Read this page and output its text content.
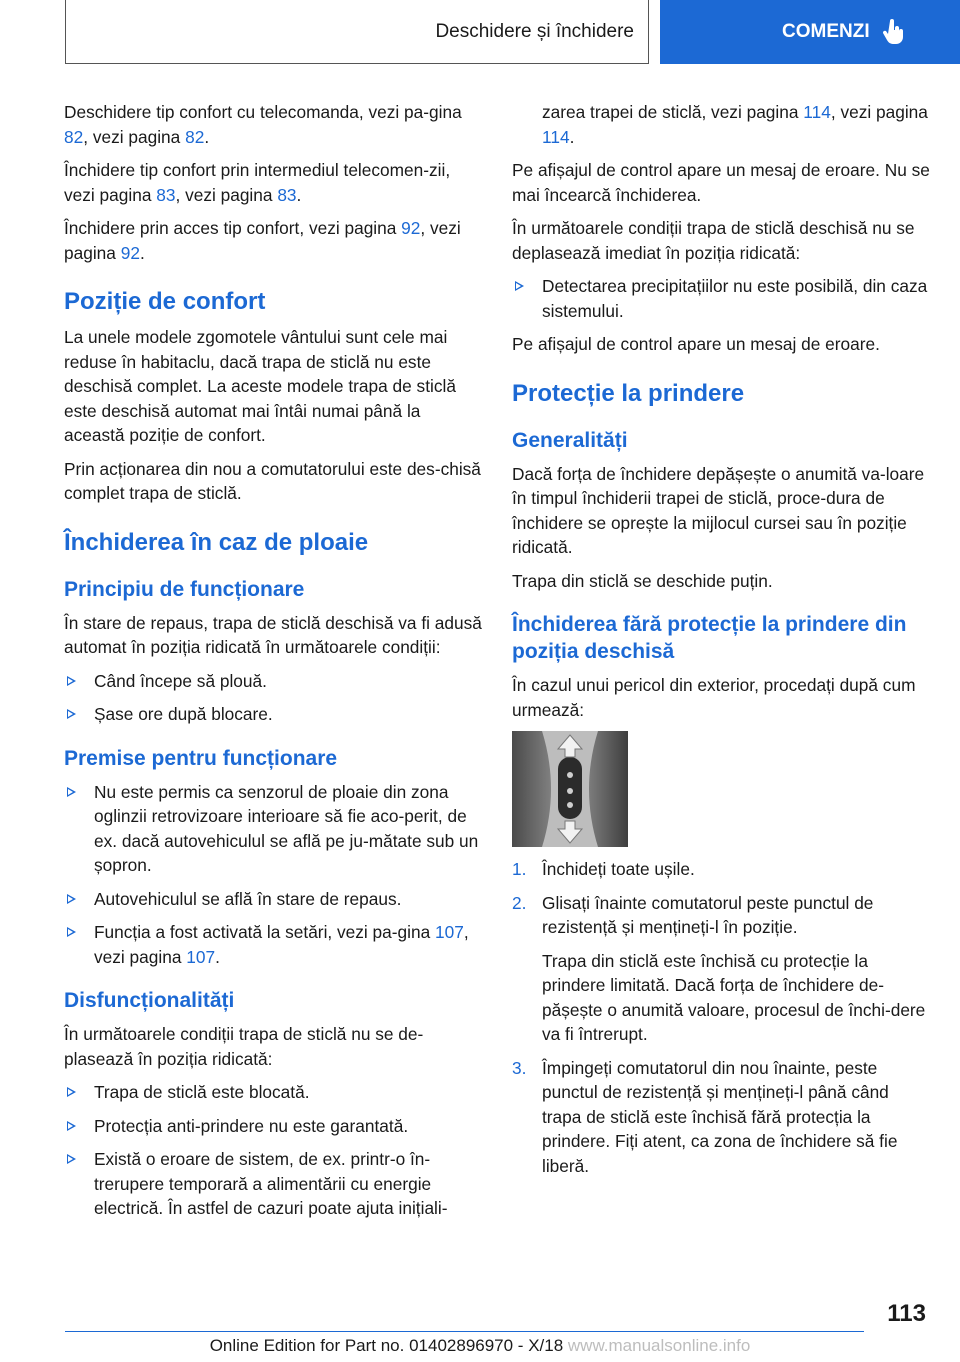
Deschidere și închidere	COMENZI

Deschidere tip confort cu telecomanda, vezi pa-gina 82, vezi pagina 82.

Închidere tip confort prin intermediul telecomen-zii, vezi pagina 83, vezi pagina 83.

Închidere prin acces tip confort, vezi pagina 92, vezi pagina 92.

Poziție de confort

La unele modele zgomotele vântului sunt cele mai reduse în habitaclu, dacă trapa de sticlă nu este deschisă complet. La aceste modele trapa de sticlă este deschisă automat mai întâi numai până la această poziție de confort.

Prin acționarea din nou a comutatorului este des-chisă complet trapa de sticlă.

Închiderea în caz de ploaie
Principiu de funcționare

În stare de repaus, trapa de sticlă deschisă va fi adusă automat în poziția ridicată în următoarele condiții:

Când începe să plouă.
Șase ore după blocare.
Premise pentru funcționare
Nu este permis ca senzorul de ploaie din zona oglinzii retrovizoare interioare să fie aco-perit, de ex. dacă autovehiculul se află pe ju-mătate sub un șopron.
Autovehiculul se află în stare de repaus.
Funcția a fost activată la setări, vezi pa-gina 107, vezi pagina 107.
Disfuncționalități

În următoarele condiții trapa de sticlă nu se de-plasează în poziția ridicată:

Trapa de sticlă este blocată.
Protecția anti-prindere nu este garantată.
Există o eroare de sistem, de ex. printr-o în-trerupere temporară a alimentării cu energie electrică. În astfel de cazuri poate ajuta inițiali-
zarea trapei de sticlă, vezi pagina 114, vezi pagina 114.

Pe afișajul de control apare un mesaj de eroare. Nu se mai încearcă închiderea.

În următoarele condiții trapa de sticlă deschisă nu se deplasează imediat în poziția ridicată:

Detectarea precipitațiilor nu este posibilă, din caza sistemului.

Pe afișajul de control apare un mesaj de eroare.

Protecție la prindere
Generalități

Dacă forța de închidere depășește o anumită va-loare în timpul închiderii trapei de sticlă, proce-dura de închidere se oprește la mijlocul cursei sau în poziție ridicată.

Trapa din sticlă se deschide puțin.

Închiderea fără protecție la prindere din poziția deschisă

În cazul unui pericol din exterior, procedați după cum urmează:

1. Închideți toate ușile.
2. Glisați înainte comutatorul peste punctul de rezistență și mențineți-l în poziție.
Trapa din sticlă este închisă cu protecție la prindere limitată. Dacă forța de închidere de-pășește o anumită valoare, procesul de închi-dere va fi întrerupt.
3. Împingeți comutatorul din nou înainte, peste punctul de rezistență și mențineți-l până când trapa de sticlă este închisă fără protecția la prindere. Fiți atent, ca zona de închidere să fie liberă.
113
Online Edition for Part no. 01402896970 - X/18 www.manualsonline.info
